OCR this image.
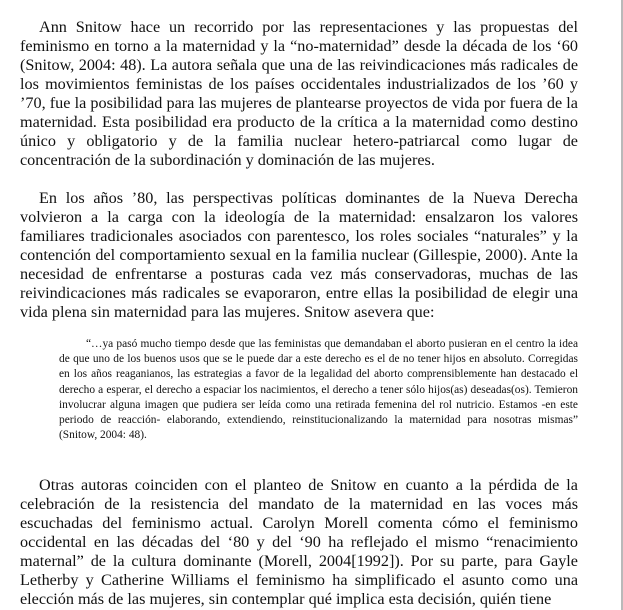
Ann Snitow hace un recorrido por las representaciones y las propuestas del feminismo en torno a la maternidad y la “no-maternidad” desde la década de los ‘60 (Snitow, 2004: 48). La autora señala que una de las reivindicaciones más radicales de los movimientos feministas de los países occidentales industrializados de los ’60 y ’70, fue la posibilidad para las mujeres de plantearse proyectos de vida por fuera de la maternidad. Esta posibilidad era producto de la crítica a la maternidad como destino único y obligatorio y de la familia nuclear hetero-patriarcal como lugar de concentración de la subordinación y dominación de las mujeres.

En los años ’80, las perspectivas políticas dominantes de la Nueva Derecha volvieron a la carga con la ideología de la maternidad: ensalzaron los valores familiares tradicionales asociados con parentesco, los roles sociales “naturales” y la contención del comportamiento sexual en la familia nuclear (Gillespie, 2000). Ante la necesidad de enfrentarse a posturas cada vez más conservadoras, muchas de las reivindicaciones más radicales se evaporaron, entre ellas la posibilidad de elegir una vida plena sin maternidad para las mujeres. Snitow asevera que:

“…ya pasó mucho tiempo desde que las feministas que demandaban el aborto pusieran en el centro la idea de que uno de los buenos usos que se le puede dar a este derecho es el de no tener hijos en absoluto. Corregidas en los años reaganianos, las estrategias a favor de la legalidad del aborto comprensiblemente han destacado el derecho a esperar, el derecho a espaciar los nacimientos, el derecho a tener sólo hijos(as) deseadas(os). Temieron involucrar alguna imagen que pudiera ser leída como una retirada femenina del rol nutricio. Estamos -en este periodo de reacción- elaborando, extendiendo, reinstitucionalizando la maternidad para nosotras mismas” (Snitow, 2004: 48).

Otras autoras coinciden con el planteo de Snitow en cuanto a la pérdida de la celebración de la resistencia del mandato de la maternidad en las voces más escuchadas del feminismo actual. Carolyn Morell comenta cómo el feminismo occidental en las décadas del ‘80 y del ‘90 ha reflejado el mismo “renacimiento maternal” de la cultura dominante (Morell, 2004[1992]). Por su parte, para Gayle Letherby y Catherine Williams el feminismo ha simplificado el asunto como una elección más de las mujeres, sin contemplar qué implica esta decisión, quién tiene
